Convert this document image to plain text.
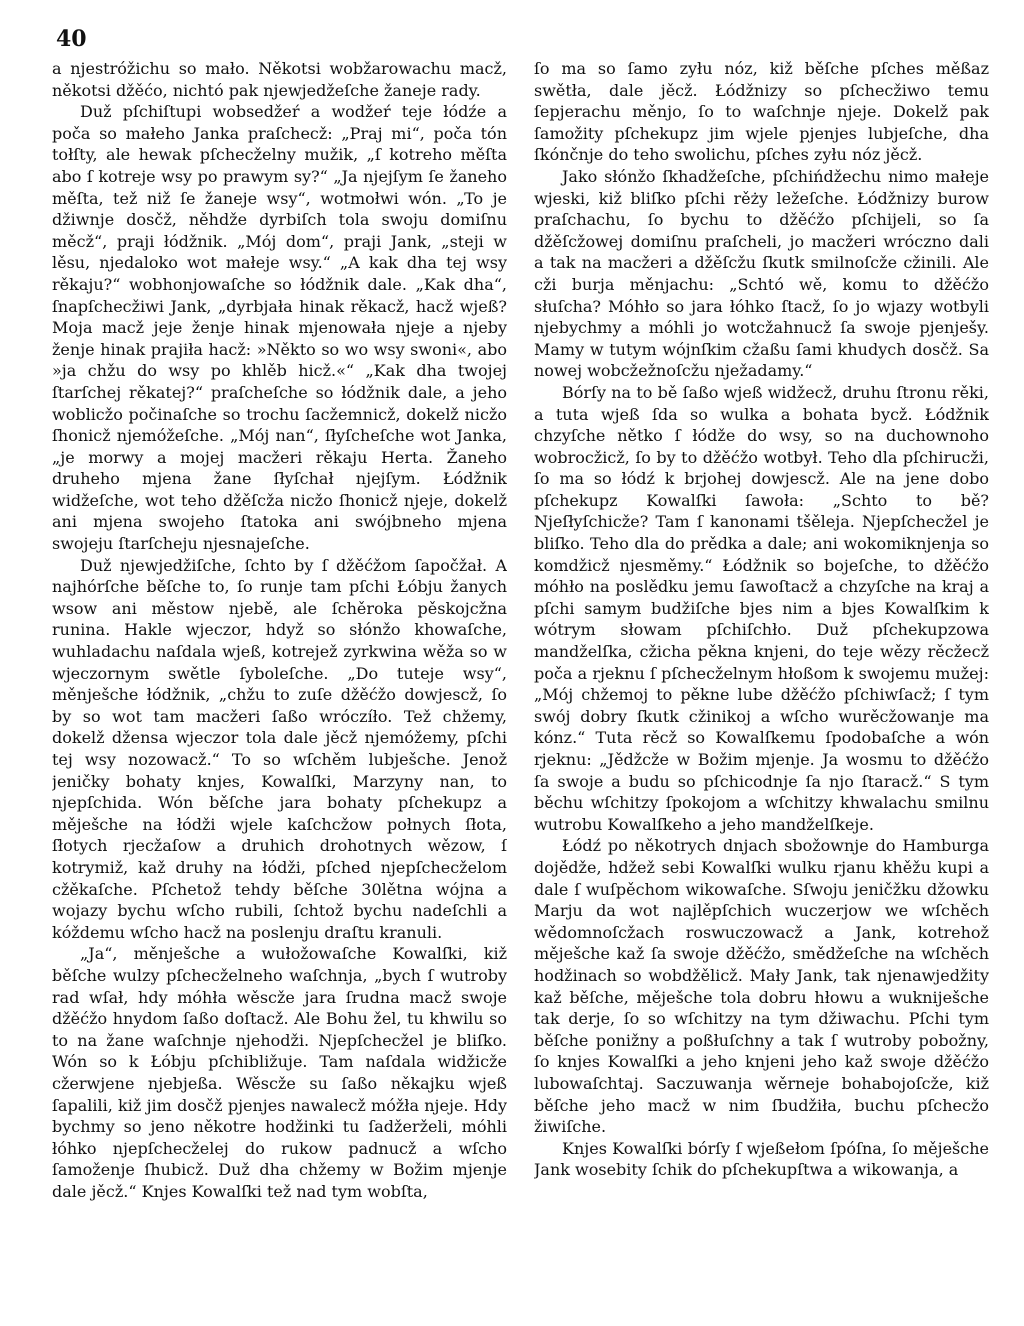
40

a njestróžichu so mało. Někotsi wobžarowachu macž, někotsi džěćo, nichtó pak njewjedžeſche žaneje rady.

Duž pſchiſtupi wobsedžeŕ a wodžeŕ teje łódźe a poča so małeho Janka praſchecž: „Praj mi“, poča tón tołſty, ale hewak pſchecželny mužik, „ſ kotreho měſta abo ſ kotreje wsy po prawym sy?“ „Ja njejſym ſe žaneho měſta, tež niž ſe žaneje wsy“, wotmołwi wón. „To je džiwnje dosčž, něhdže dyrbiſch tola swoju domiſnu měcž“, praji łódžnik. „Mój dom“, praji Jank, „steji w lěsu, njedaloko wot małeje wsy.“ „A kak dha tej wsy rěkaju?“ wobhonjowaſche so łódžnik dale. „Kak dha“, ſnapſchecžiwi Jank, „dyrbjała hinak rěkacž, hacž wjeß? Moja macž jeje ženje hinak mjenowała njeje a njeby ženje hinak prajiła hacž: »Někto so wo wsy swoni«, abo »ja chžu do wsy po khlěb hicž.«“ „Kak dha twojej ſtarſchej rěkatej?“ praſcheſche so łódžnik dale, a jeho woblicžo počinaſche so trochu ſacžemnicž, dokelž nicžo ſhonicž njemóžeſche. „Mój nan“, ſłyſcheſche wot Janka, „je morwy a mojej macžeri rěkaju Herta. Žaneho druheho mjena žane ſłyſchał njejſym. Łódžnik widžeſche, wot teho džěſcža nicžo ſhonicž njeje, dokelž ani mjena swojeho ſtatoka ani swójbneho mjena swojeju ſtarſcheju njesnajeſche.

Duž njewjedžiſche, ſchto by ſ džěćžom ſapočžał. A najhórſche běſche to, ſo runje tam pſchi Łóbju žanych wsow ani městow njebě, ale ſchěroka pěskojcžna runina. Hakle wjeczor, hdyž so słónžo khowaſche, wuhladachu naſdala wjeß, kotrejež zyrkwina wěža so w wjeczornym swětle ſyboleſche. „Do tuteje wsy“, měnješche łódžnik, „chžu to zuſe džěćžo dowjescž, ſo by so wot tam macžeri ſaßo wróczíło. Tež chžemy, dokelž džensa wjeczor tola dale jěcž njemóžemy, pſchi tej wsy nozowacž.“ To so wſchěm lubješche. Jenož jeničky bohaty knjes, Kowalſki, Marzyny nan, to njepſchida. Wón běſche jara bohaty pſchekupz a měješche na łódži wjele kaſchcžow połnych ſłota, ſłotych rjecžaſow a druhich drohotnych wězow, ſ kotrymiž, kaž druhy na łódži, pſched njepſchecželom cžěkaſche. Pſchetož tehdy běſche 30lětna wójna a wojazy bychu wſcho rubili, ſchtož bychu nadeſchli a kóždemu wſcho hacž na poslenju draſtu kranuli.

„Ja“, měnješche a wułožowaſche Kowalſki, kiž běſche wulzy pſchecželneho waſchnja, „bych ſ wutroby rad wſał, hdy móhła wěscže jara ſrudna macž swoje džěćžo hnydom ſaßo doſtacž. Ale Bohu žel, tu khwilu so to na žane waſchnje njehodži. Njepſchecžel je bliſko. Wón so k Łóbju pſchibližuje. Tam naſdala widžicže cžerwjene njebjeßa. Wěscže su ſaßo někajku wjeß ſapalili, kiž jim dosčž pjenjes nawalecž móžła njeje. Hdy bychmy so jeno někotre hodžinki tu ſadžerželi, móhli łóhko njepſchecželej do rukow padnucž a wſcho ſamoženje ſhubicž. Duž dha chžemy w Božim mjenje dale jěcž.“ Knjes Kowalſki tež nad tym wobſta,

ſo ma so ſamo zyłu nóz, kiž běſche pſches měßaz swětła, dale jěcž. Łódžnizy so pſchecžiwo temu ſepjerachu měnjo, ſo to waſchnje njeje. Dokelž pak ſamožity pſchekupz jim wjele pjenjes lubjeſche, dha ſkónčnje do teho swolichu, pſches zyłu nóz jěcž.

Jako słónžo ſkhadžeſche, pſchińdžechu nimo małeje wjeski, kiž bliſko pſchi rěży ležeſche. Łódžnizy burow praſchachu, ſo bychu to džěćžo pſchijeli, so ſa džěſcžowej domiſnu praſcheli, jo macžeri wróczno dali a tak na macžeri a džěſcžu ſkutk smilnoſcže cžinili. Ale cži burja měnjachu: „Schtó wě, komu to džěćžo słuſcha? Móhło so jara łóhko ſtacž, ſo jo wjazy wotbyli njebychmy a móhli jo wotcžahnucž ſa swoje pjenješy. Mamy w tutym wójnſkim cžaßu ſami khudych dosčž. Sa nowej wobcžežnoſcžu nježadamy.“

Bórſy na to bě ſaßo wjeß widžecž, druhu ſtronu rěki, a tuta wjeß ſda so wulka a bohata bycž. Łódžnik chzyſche nětko ſ łódže do wsy, so na duchownoho wobrocžicž, ſo by to džěćžo wotbył. Teho dla pſchirucži, ſo ma so łódź k brjohej dowjescž. Ale na jene dobo pſchekupz Kowalſki ſawoła: „Schto to bě? Njeſłyſchicže? Tam ſ kanonami tšěleja. Njepſchecžel je bliſko. Teho dla do prědka a dale; ani wokomiknjenja so komdžicž njesměmy.“ Łódžnik so bojeſche, to džěćžo móhło na poslědku jemu ſawoſtacž a chzyſche na kraj a pſchi samym budžiſche bjes nim a bjes Kowalſkim k wótrym słowam pſchiſchło. Duž pſchekupzowa mandželſka, cžicha pěkna knjeni, do teje wězy rěcžecž poča a rjeknu ſ pſchecželnym hłoßom k swojemu mužej: „Mój chžemoj to pěkne lube džěćžo pſchiwſacž; ſ tym swój dobry ſkutk cžinikoj a wſcho wurěcžowanje ma kónz.“ Tuta rěcž so Kowalſkemu ſpodobaſche a wón rjeknu: „Jědžcže w Božim mjenje. Ja wosmu to džěćžo ſa swoje a budu so pſchicodnje ſa njo ſtaracž.“ S tym běchu wſchitzy ſpokojom a wſchitzy khwalachu smilnu wutrobu Kowalſkeho a jeho mandželſkeje.

Łódź po někotrych dnjach sbožownje do Hamburga dojědže, hdžež sebi Kowalſki wulku rjanu khěžu kupi a dale ſ wuſpěchom wikowaſche. Sſwoju jeničžku džowku Marju da wot najlěpſchich wuczerjow we wſchěch wědomnoſcžach roswuczowacž a Jank, kotrehož měješche kaž ſa swoje džěćžo, smědžeſche na wſchěch hodžinach so wobdžělicž. Mały Jank, tak njenawjedžity kaž běſche, měješche tola dobru hłowu a wukniješche tak derje, ſo so wſchitzy na tym džiwachu. Pſchi tym běſche ponižny a poßłuſchny a tak ſ wutroby pobožny, ſo knjes Kowalſki a jeho knjeni jeho kaž swoje džěćžo lubowaſchtaj. Saczuwanja wěrneje bohabojoſcže, kiž běſche jeho macž w nim ſbudžiła, buchu pſchecžo žiwiſche.

Knjes Kowalſki bórſy ſ wjeßełom ſpóſna, ſo měješche Jank wosebity ſchik do pſchekupſtwa a wikowanja, a
